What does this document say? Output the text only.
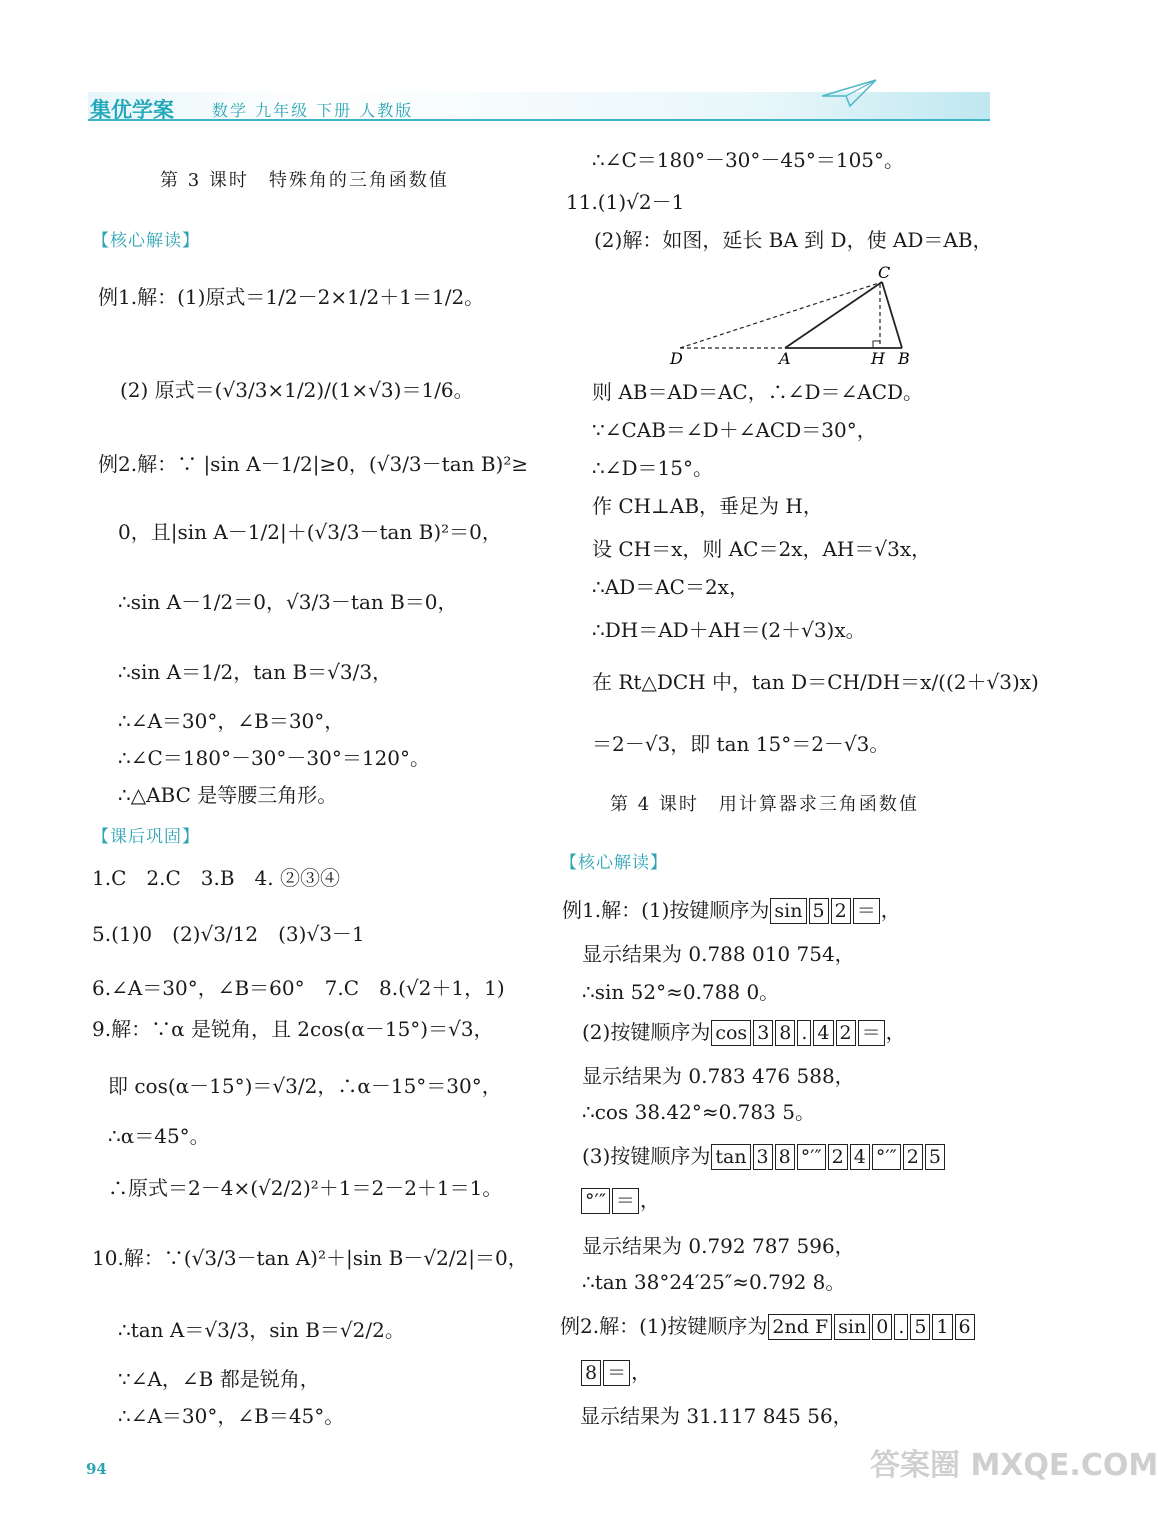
集优学案 数学 九年级 下册 人教版
第 3 课时　特殊角的三角函数值
【核心解读】
例1.解：(1)原式＝1/2－2×1/2＋1＝1/2。
(2) 原式＝(√3/3×1/2)/(1×√3)＝1/6。
例2.解：∵ |sin A－1/2|≥0，(√3/3－tan B)²≥
0，且|sin A－1/2|＋(√3/3－tan B)²＝0，
∴sin A－1/2＝0，√3/3－tan B＝0，
∴sin A＝1/2，tan B＝√3/3，
∴∠A＝30°，∠B＝30°，
∴∠C＝180°－30°－30°＝120°。
∴△ABC 是等腰三角形。
【课后巩固】
1.C　2.C　3.B　4. ②③④
5.(1)0　(2)√3/12　(3)√3－1
6.∠A＝30°，∠B＝60°　7.C　8.(√2＋1，1)
9.解：∵α 是锐角，且 2cos(α－15°)＝√3，
即 cos(α－15°)＝√3/2，∴α－15°＝30°，
∴α＝45°。
∴原式＝2－4×(√2/2)²＋1＝2－2＋1＝1。
10.解：∵(√3/3－tan A)²＋|sin B－√2/2|＝0，
∴tan A＝√3/3，sin B＝√2/2。
∵∠A，∠B 都是锐角，
∴∠A＝30°，∠B＝45°。
94
∴∠C＝180°－30°－45°＝105°。
11.(1)√2－1
(2)解：如图，延长 BA 到 D，使 AD＝AB，
C
D	A	H B
则 AB＝AD＝AC，∴∠D＝∠ACD。
∵∠CAB＝∠D＋∠ACD＝30°，
∴∠D＝15°。
作 CH⊥AB，垂足为 H，
设 CH＝x，则 AC＝2x，AH＝√3x，
∴AD＝AC＝2x，
∴DH＝AD＋AH＝(2＋√3)x。
在 Rt△DCH 中，tan D＝CH/DH＝x/((2＋√3)x)
＝2－√3，即 tan 15°＝2－√3。
第 4 课时　用计算器求三角函数值
【核心解读】
例1.解：(1)按键顺序为 sin 5 2 ＝ ，
显示结果为 0.788 010 754，
∴sin 52°≈0.788 0。
(2)按键顺序为 cos 3 8 . 4 2 ＝ ，
显示结果为 0.783 476 588，
∴cos 38.42°≈0.783 5。
(3)按键顺序为 tan 3 8 °′″ 2 4 °′″ 2 5
°′″ ＝ ，
显示结果为 0.792 787 596，
∴tan 38°24′25″≈0.792 8。
例2.解：(1)按键顺序为 2nd F sin 0 . 5 1 6
8 ＝ ，
显示结果为 31.117 845 56，
答案圈 MXQE.COM
